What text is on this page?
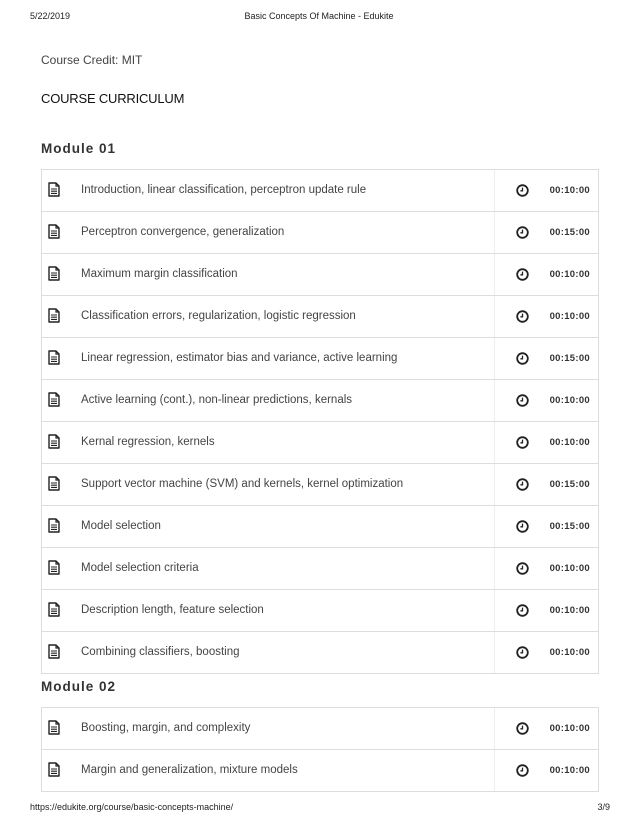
5/22/2019	Basic Concepts Of Machine - Edukite
Course Credit: MIT
COURSE CURRICULUM
Module 01
Introduction, linear classification, perceptron update rule	00:10:00
Perceptron convergence, generalization	00:15:00
Maximum margin classification	00:10:00
Classification errors, regularization, logistic regression	00:10:00
Linear regression, estimator bias and variance, active learning	00:15:00
Active learning (cont.), non-linear predictions, kernals	00:10:00
Kernal regression, kernels	00:10:00
Support vector machine (SVM) and kernels, kernel optimization	00:15:00
Model selection	00:15:00
Model selection criteria	00:10:00
Description length, feature selection	00:10:00
Combining classifiers, boosting	00:10:00
Module 02
Boosting, margin, and complexity	00:10:00
Margin and generalization, mixture models	00:10:00
https://edukite.org/course/basic-concepts-machine/	3/9
